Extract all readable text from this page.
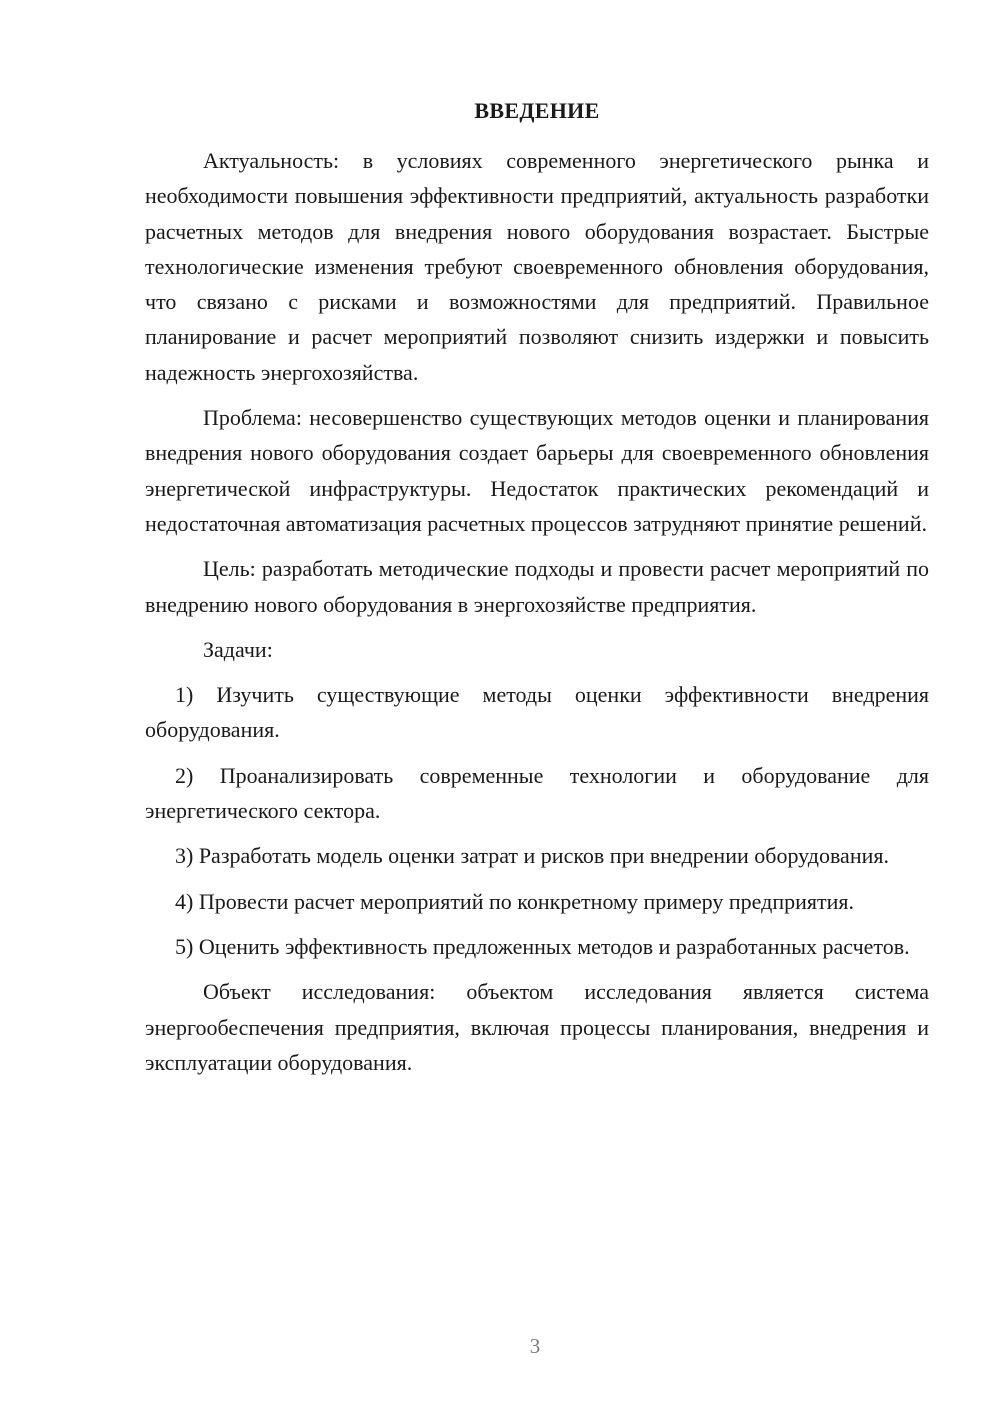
ВВЕДЕНИЕ

Актуальность: в условиях современного энергетического рынка и необходимости повышения эффективности предприятий, актуальность разработки расчетных методов для внедрения нового оборудования возрастает. Быстрые технологические изменения требуют своевременного обновления оборудования, что связано с рисками и возможностями для предприятий. Правильное планирование и расчет мероприятий позволяют снизить издержки и повысить надежность энергохозяйства.

Проблема: несовершенство существующих методов оценки и планирования внедрения нового оборудования создает барьеры для своевременного обновления энергетической инфраструктуры. Недостаток практических рекомендаций и недостаточная автоматизация расчетных процессов затрудняют принятие решений.

Цель: разработать методические подходы и провести расчет мероприятий по внедрению нового оборудования в энергохозяйстве предприятия.

Задачи:

1) Изучить существующие методы оценки эффективности внедрения оборудования.

2) Проанализировать современные технологии и оборудование для энергетического сектора.

3) Разработать модель оценки затрат и рисков при внедрении оборудования.

4) Провести расчет мероприятий по конкретному примеру предприятия.

5) Оценить эффективность предложенных методов и разработанных расчетов.

Объект исследования: объектом исследования является система энергообеспечения предприятия, включая процессы планирования, внедрения и эксплуатации оборудования.

3
